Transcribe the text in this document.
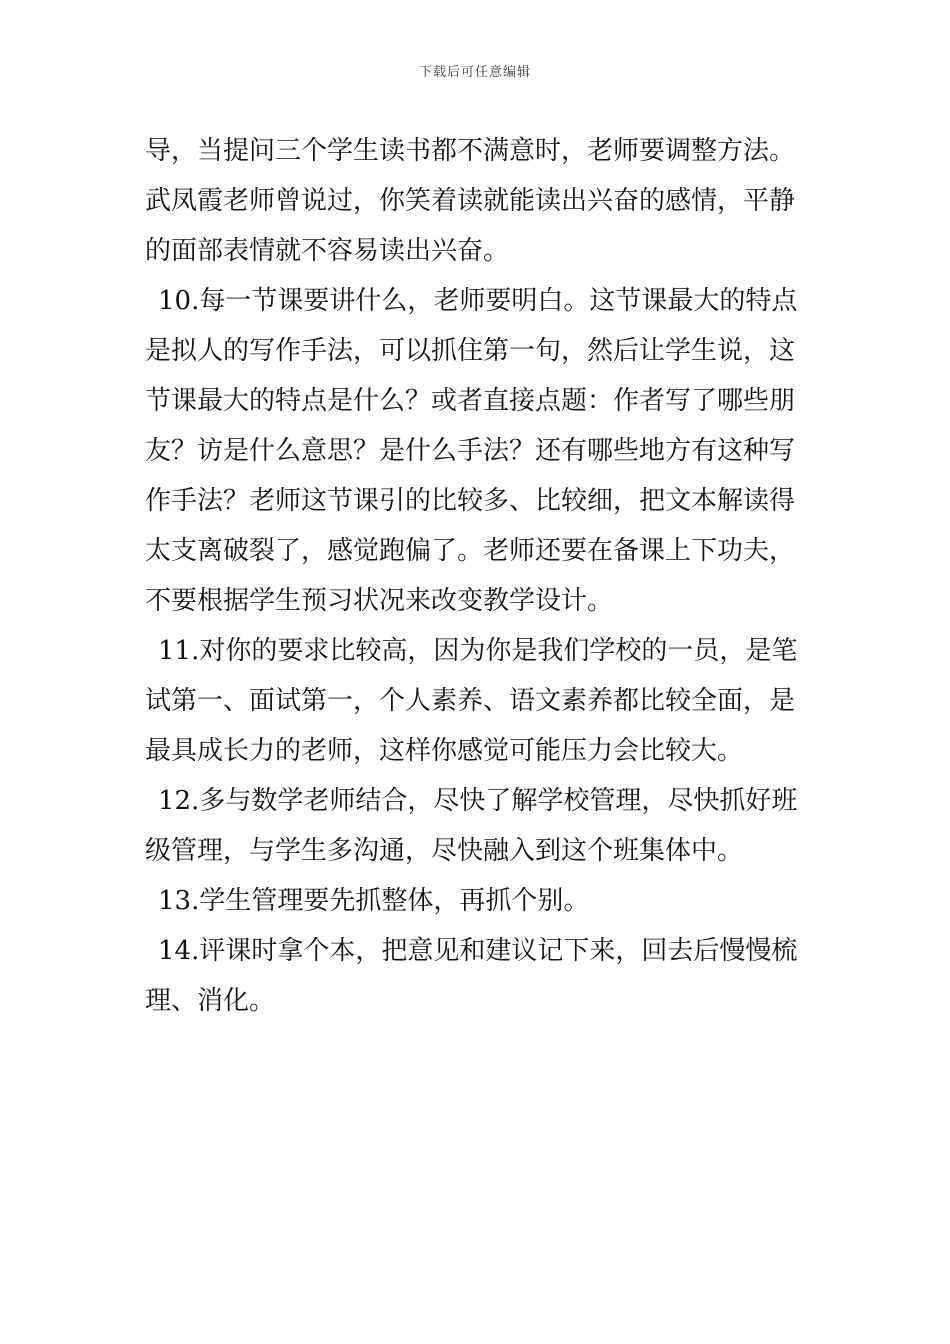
下载后可任意编辑
导，当提问三个学生读书都不满意时，老师要调整方法。
武凤霞老师曾说过，你笑着读就能读出兴奋的感情，平静
的面部表情就不容易读出兴奋。
10.每一节课要讲什么，老师要明白。这节课最大的特点
是拟人的写作手法，可以抓住第一句，然后让学生说，这
节课最大的特点是什么？或者直接点题：作者写了哪些朋
友？访是什么意思？是什么手法？还有哪些地方有这种写
作手法？老师这节课引的比较多、比较细，把文本解读得
太支离破裂了，感觉跑偏了。老师还要在备课上下功夫，
不要根据学生预习状况来改变教学设计。
11.对你的要求比较高，因为你是我们学校的一员，是笔
试第一、面试第一，个人素养、语文素养都比较全面，是
最具成长力的老师，这样你感觉可能压力会比较大。
12.多与数学老师结合，尽快了解学校管理，尽快抓好班
级管理，与学生多沟通，尽快融入到这个班集体中。
13.学生管理要先抓整体，再抓个别。
14.评课时拿个本，把意见和建议记下来，回去后慢慢梳
理、消化。
